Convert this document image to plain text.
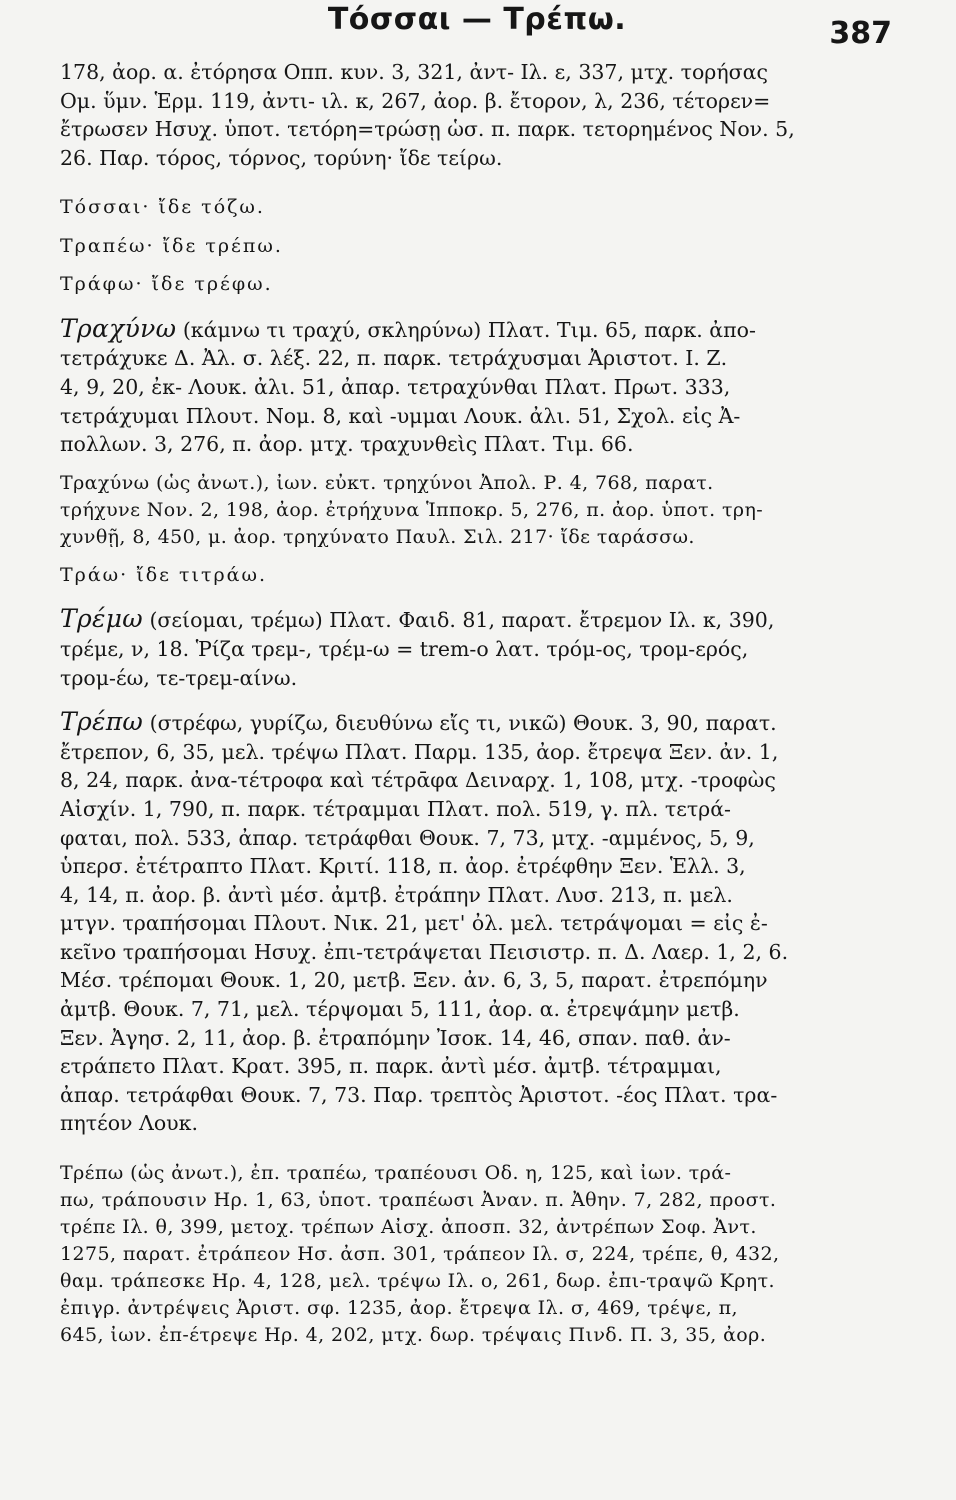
Τόσσαι — Τρέπω.	387
178, ἀορ. α. ἐτόρησα Οππ. κυν. 3, 321, ἀντ- Ιλ. ε, 337, μτχ. τορήσας
Ομ. ὕμν. Ἑρμ. 119, ἀντι- ιλ. κ, 267, ἀορ. β. ἔτορον, λ, 236, τέτορεν=
ἔτρωσεν Ησυχ. ὑποτ. τετόρη=τρώσῃ ὡσ. π. παρκ. τετορημένος Νον. 5,
26. Παρ. τόρος, τόρνος, τορύνη· ἴδε τείρω.
Τόσσαι· ἴδε τόζω.
Τραπέω· ἴδε τρέπω.
Τράφω· ἴδε τρέφω.
Τραχύνω (κάμνω τι τραχύ, σκληρύνω) Πλατ. Τιμ. 65, παρκ. ἀπο-
τετράχυκε Δ. Ἀλ. σ. λέξ. 22, π. παρκ. τετράχυσμαι Ἀριστοτ. Ι. Ζ.
4, 9, 20, ἐκ- Λουκ. ἀλι. 51, ἀπαρ. τετραχύνθαι Πλατ. Πρωτ. 333,
τετράχυμαι Πλουτ. Νομ. 8, καὶ -υμμαι Λουκ. ἀλι. 51, Σχολ. εἰς Ἀ-
πολλων. 3, 276, π. ἀορ. μτχ. τραχυνθεὶς Πλατ. Τιμ. 66.
Τραχύνω (ὡς ἀνωτ.), ἰων. εὐκτ. τρηχύνοι Ἀπολ. Ρ. 4, 768, παρατ.
τρήχυνε Νον. 2, 198, ἀορ. ἐτρήχυνα Ἱπποκρ. 5, 276, π. ἀορ. ὑποτ. τρη-
χυνθῇ, 8, 450, μ. ἀορ. τρηχύνατο Παυλ. Σιλ. 217· ἴδε ταράσσω.
Τράω· ἴδε τιτράω.
Τρέμω (σείομαι, τρέμω) Πλατ. Φαιδ. 81, παρατ. ἔτρεμον Ιλ. κ, 390,
τρέμε, ν, 18. Ῥίζα τρεμ-, τρέμ-ω = trem-o λατ. τρόμ-ος, τρομ-ερός,
τρομ-έω, τε-τρεμ-αίνω.
Τρέπω (στρέφω, γυρίζω, διευθύνω εἴς τι, νικῶ) Θουκ. 3, 90, παρατ.
ἔτρεπον, 6, 35, μελ. τρέψω Πλατ. Παρμ. 135, ἀορ. ἔτρεψα Ξεν. ἀν. 1,
8, 24, παρκ. ἀνα-τέτροφα καὶ τέτρᾱφα Δειναρχ. 1, 108, μτχ. -τροφὼς
Αἰσχίν. 1, 790, π. παρκ. τέτραμμαι Πλατ. πολ. 519, γ. πλ. τετρά-
φαται, πολ. 533, ἀπαρ. τετράφθαι Θουκ. 7, 73, μτχ. -αμμένος, 5, 9,
ὑπερσ. ἐτέτραπτο Πλατ. Κριτί. 118, π. ἀορ. ἐτρέφθην Ξεν. Ἑλλ. 3,
4, 14, π. ἀορ. β. ἀντὶ μέσ. ἀμτβ. ἐτράπην Πλατ. Λυσ. 213, π. μελ.
μτγν. τραπήσομαι Πλουτ. Νικ. 21, μετ' ὀλ. μελ. τετράψομαι = εἰς ἐ-
κεῖνο τραπήσομαι Ησυχ. ἐπι-τετράψεται Πεισιστρ. π. Δ. Λαερ. 1, 2, 6.
Μέσ. τρέπομαι Θουκ. 1, 20, μετβ. Ξεν. ἀν. 6, 3, 5, παρατ. ἐτρεπόμην
ἀμτβ. Θουκ. 7, 71, μελ. τέρψομαι 5, 111, ἀορ. α. ἐτρεψάμην μετβ.
Ξεν. Ἀγησ. 2, 11, ἀορ. β. ἐτραπόμην Ἰσοκ. 14, 46, σπαν. παθ. ἀν-
ετράπετο Πλατ. Κρατ. 395, π. παρκ. ἀντὶ μέσ. ἀμτβ. τέτραμμαι,
ἀπαρ. τετράφθαι Θουκ. 7, 73. Παρ. τρεπτὸς Ἀριστοτ. -έος Πλατ. τρα-
πητέον Λουκ.
Τρέπω (ὡς ἀνωτ.), ἐπ. τραπέω, τραπέουσι Οδ. η, 125, καὶ ἰων. τρά-
πω, τράπουσιν Ηρ. 1, 63, ὑποτ. τραπέωσι Ἀναν. π. Ἀθην. 7, 282, προστ.
τρέπε Ιλ. θ, 399, μετοχ. τρέπων Αἰσχ. ἀποσπ. 32, ἀντρέπων Σοφ. Ἀντ.
1275, παρατ. ἐτράπεον Ησ. ἀσπ. 301, τράπεον Ιλ. σ, 224, τρέπε, θ, 432,
θαμ. τράπεσκε Ηρ. 4, 128, μελ. τρέψω Ιλ. ο, 261, δωρ. ἐπι-τραψῶ Κρητ.
ἐπιγρ. ἀντρέψεις Ἀριστ. σφ. 1235, ἀορ. ἔτρεψα Ιλ. σ, 469, τρέψε, π,
645, ἰων. ἐπ-έτρεψε Ηρ. 4, 202, μτχ. δωρ. τρέψαις Πινδ. Π. 3, 35, ἀορ.
